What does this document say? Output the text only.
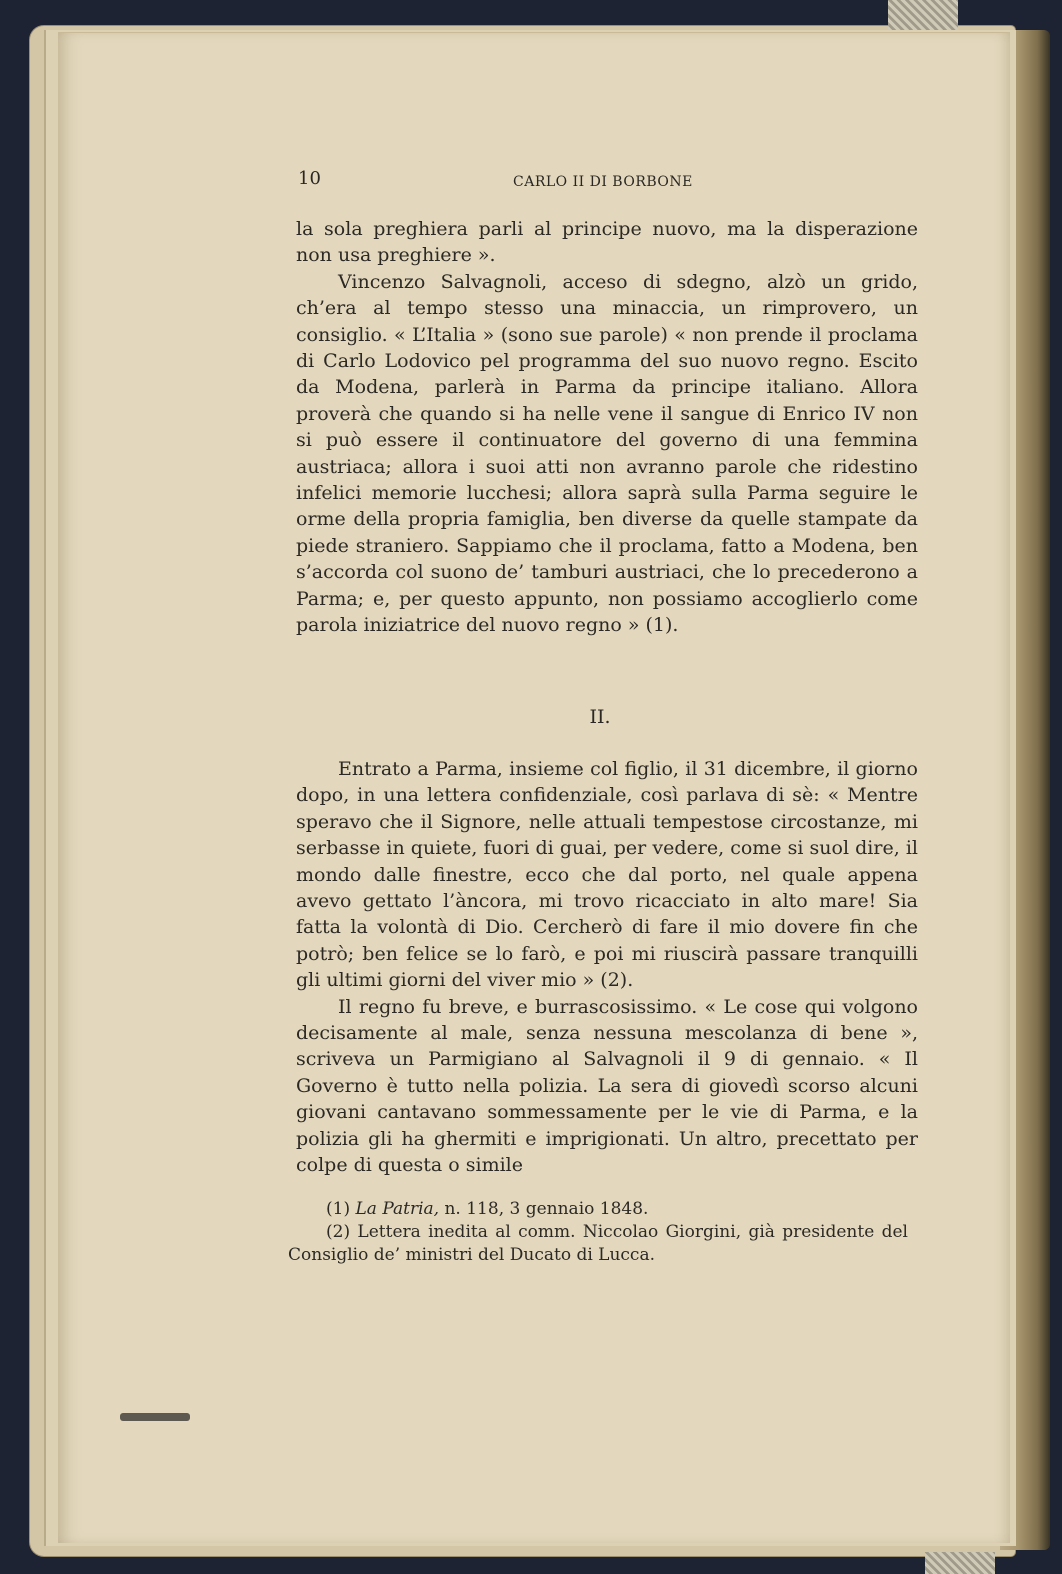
10	CARLO II DI BORBONE

la sola preghiera parli al principe nuovo, ma la disperazione non usa preghiere ».

Vincenzo Salvagnoli, acceso di sdegno, alzò un grido, ch’era al tempo stesso una minaccia, un rimprovero, un consiglio. « L’Italia » (sono sue parole) « non prende il proclama di Carlo Lodovico pel programma del suo nuovo regno. Escito da Modena, parlerà in Parma da principe italiano. Allora proverà che quando si ha nelle vene il sangue di Enrico IV non si può essere il continuatore del governo di una femmina austriaca; allora i suoi atti non avranno parole che ridestino infelici memorie lucchesi; allora saprà sulla Parma seguire le orme della propria famiglia, ben diverse da quelle stampate da piede straniero. Sappiamo che il proclama, fatto a Modena, ben s’accorda col suono de’ tamburi austriaci, che lo precederono a Parma; e, per questo appunto, non possiamo accoglierlo come parola iniziatrice del nuovo regno » (1).

II.

Entrato a Parma, insieme col figlio, il 31 dicembre, il giorno dopo, in una lettera confidenziale, così parlava di sè: « Mentre speravo che il Signore, nelle attuali tempestose circostanze, mi serbasse in quiete, fuori di guai, per vedere, come si suol dire, il mondo dalle finestre, ecco che dal porto, nel quale appena avevo gettato l’àncora, mi trovo ricacciato in alto mare! Sia fatta la volontà di Dio. Cercherò di fare il mio dovere fin che potrò; ben felice se lo farò, e poi mi riuscirà passare tranquilli gli ultimi giorni del viver mio » (2).

Il regno fu breve, e burrascosissimo. « Le cose qui volgono decisamente al male, senza nessuna mescolanza di bene », scriveva un Parmigiano al Salvagnoli il 9 di gennaio. « Il Governo è tutto nella polizia. La sera di giovedì scorso alcuni giovani cantavano sommessamente per le vie di Parma, e la polizia gli ha ghermiti e imprigionati. Un altro, precettato per colpe di questa o simile

(1) La Patria, n. 118, 3 gennaio 1848.

(2) Lettera inedita al comm. Niccolao Giorgini, già presidente del Consiglio de’ ministri del Ducato di Lucca.
